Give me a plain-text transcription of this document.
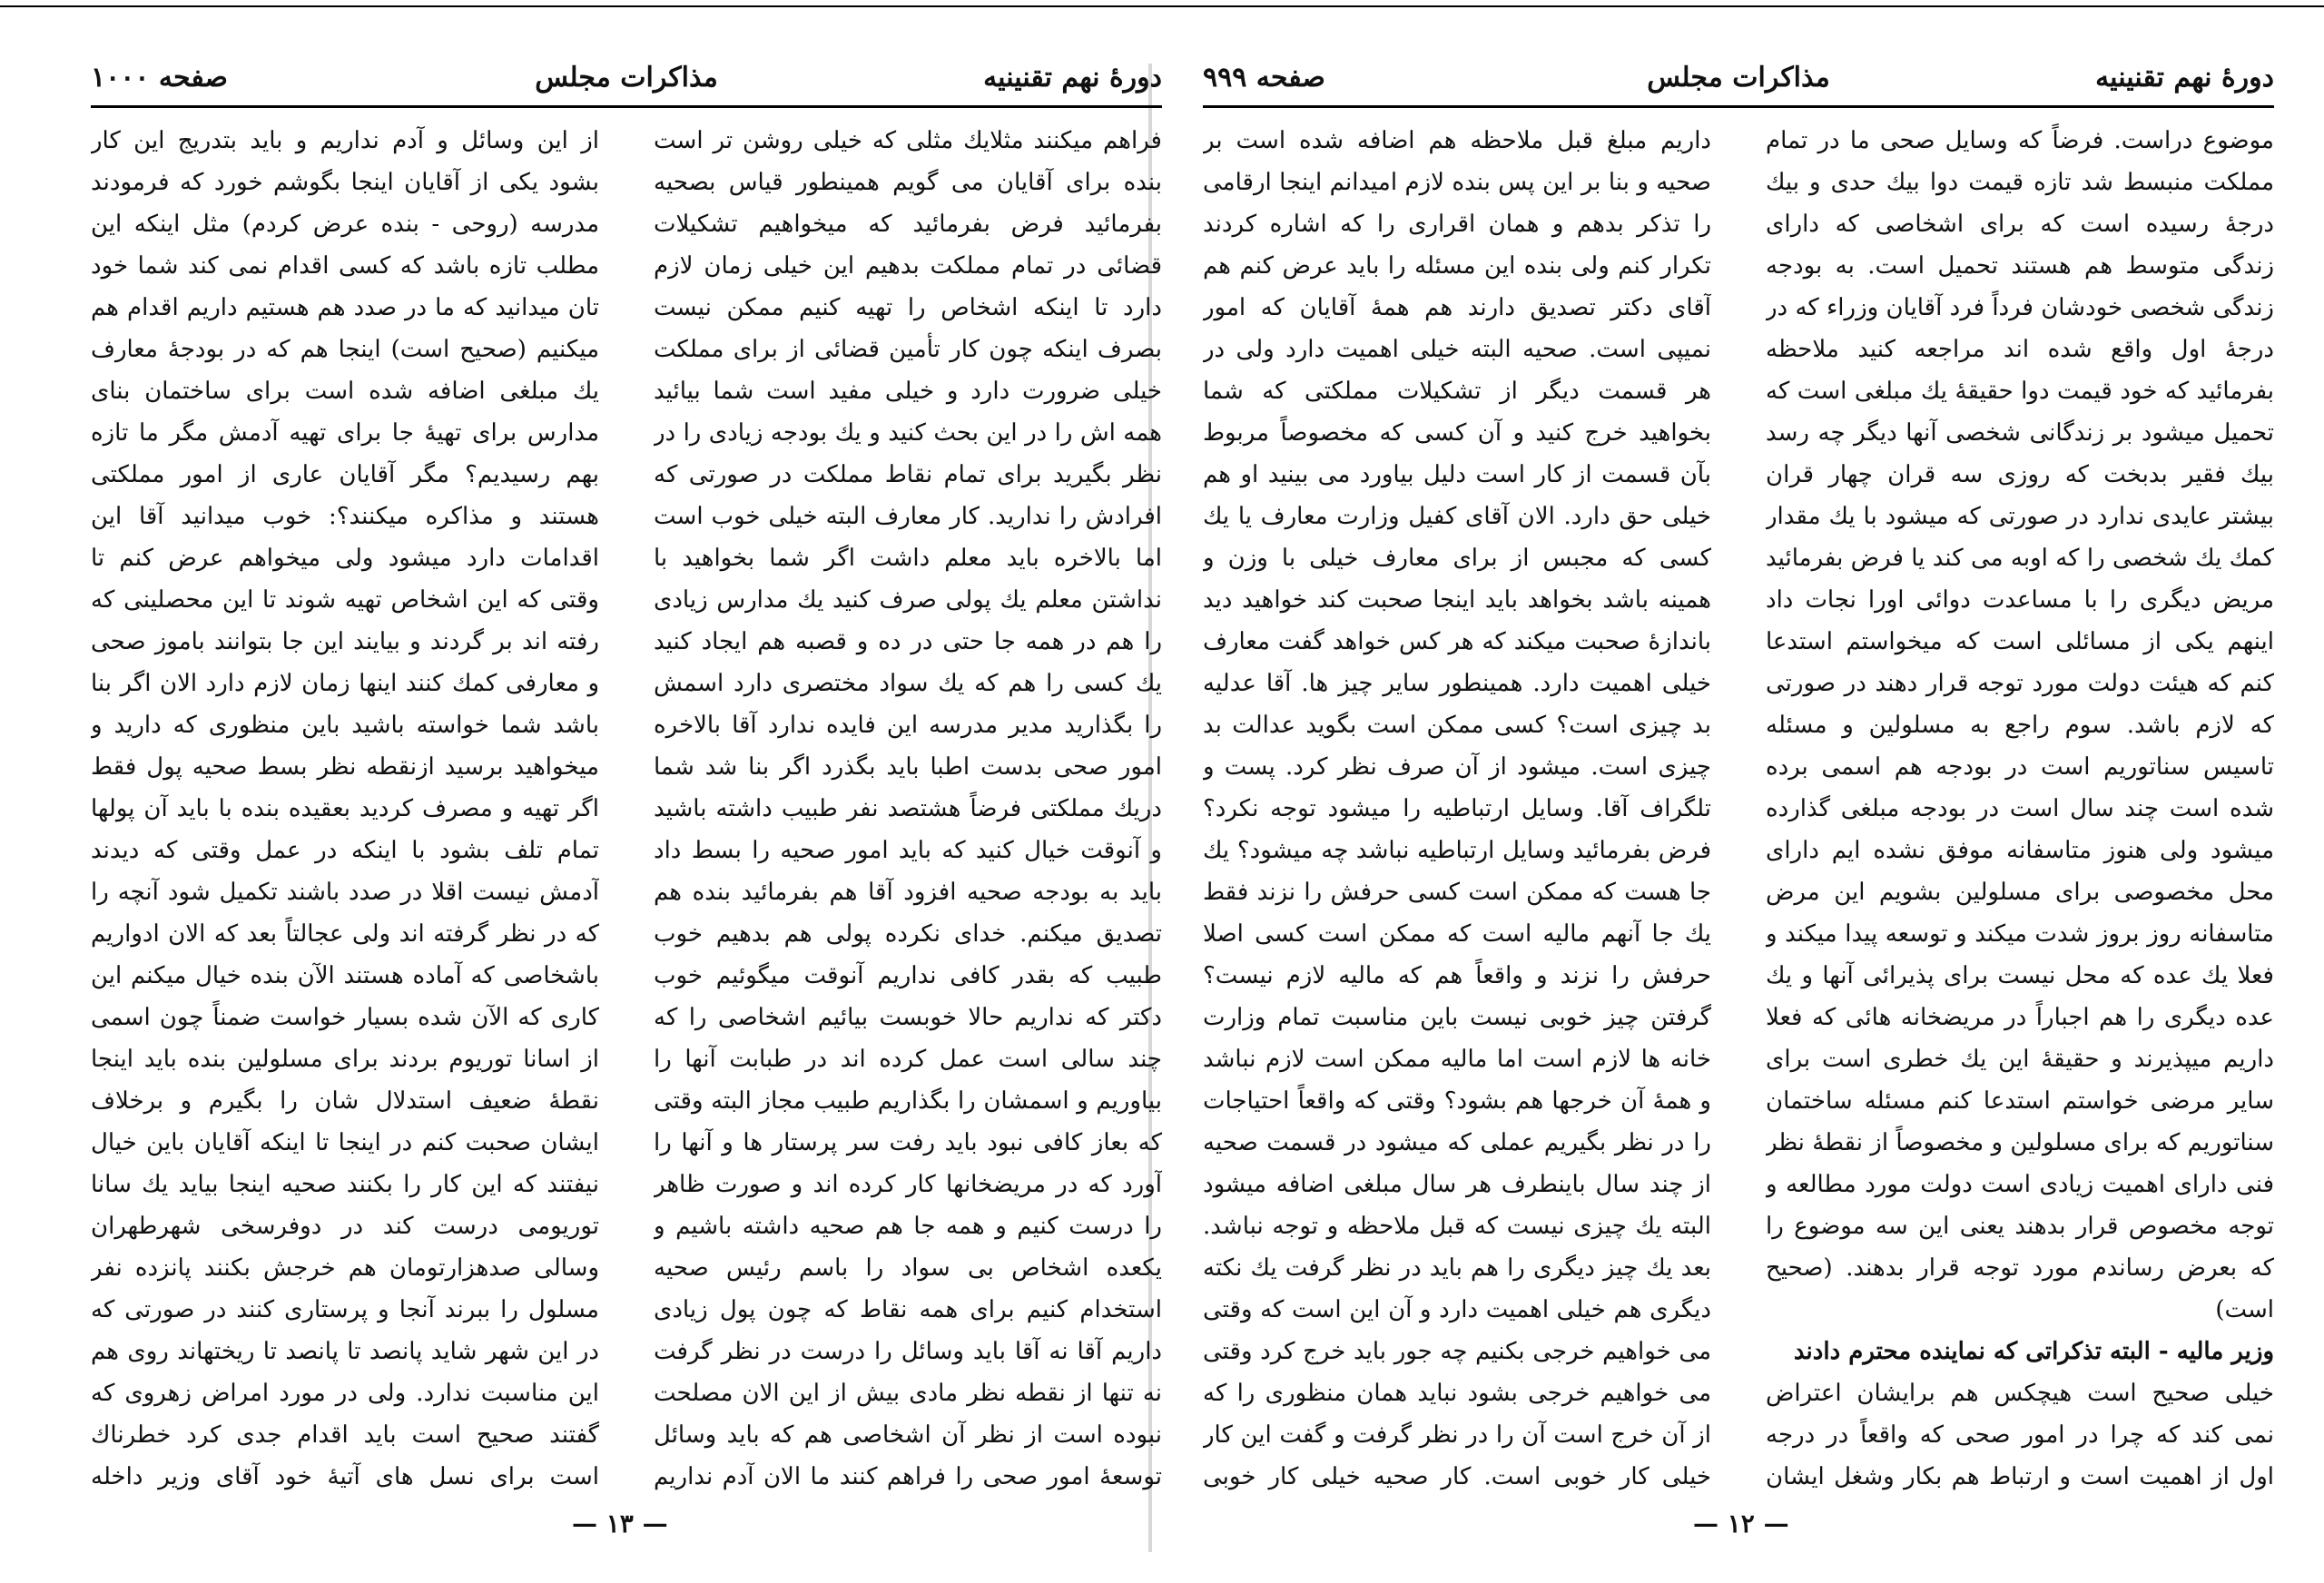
دورهٔ نهم تقنینیه
مذاکرات مجلس
صفحه ۱۰۰۰
فراهم میکنند مثلایك مثلی كه خیلی روشن تر است بنده برای آقایان می گویم همینطور قیاس بصحیه بفرمائید فرض بفرمائید که میخواهیم تشکیلات قضائی در تمام مملکت بدهیم این خیلی زمان لازم دارد تا اینکه اشخاص را تهیه کنیم ممکن نیست بصرف اینکه چون کار تأمین قضائی از برای مملکت خیلی ضرورت دارد و خیلی مفید است شما بیائید همه اش را در این بحث کنید و یك بودجه زیادی را در نظر بگیرید برای تمام نقاط مملکت در صورتی که افرادش را ندارید. کار معارف البته خیلی خوب است اما بالاخره باید معلم داشت اگر شما بخواهید با نداشتن معلم یك پولی صرف کنید یك مدارس زیادی را هم در همه جا حتی در ده و قصبه هم ایجاد کنید یك کسی را هم که یك سواد مختصری دارد اسمش را بگذارید مدیر مدرسه این فایده ندارد آقا بالاخره امور صحی بدست اطبا باید بگذرد اگر بنا شد شما دریك مملکتی فرضاً هشتصد نفر طبیب داشته باشید و آنوقت خیال کنید که باید امور صحیه را بسط داد باید به بودجه صحیه افزود آقا هم بفرمائید بنده هم تصدیق میکنم. خدای نکرده پولی هم بدهیم خوب طبیب که بقدر کافی نداریم آنوقت میگوئیم خوب دکتر که نداریم حالا خوبست بیائیم اشخاصی را که چند سالی است عمل کرده اند در طبابت آنها را بیاوریم و اسمشان را بگذاریم طبیب مجاز البته وقتی که بعاز کافی نبود باید رفت سر پرستار ها و آنها را آورد که در مریضخانها کار کرده اند و صورت ظاهر را درست کنیم و همه جا هم صحیه داشته باشیم و یکعده اشخاص بی سواد را باسم رئیس صحیه استخدام کنیم برای همه نقاط که چون پول زیادی داریم آقا نه آقا باید وسائل را درست در نظر گرفت نه تنها از نقطه نظر مادی بیش از این الان مصلحت نبوده است از نظر آن اشخاصی هم که باید وسائل توسعهٔ امور صحی را فراهم کنند ما الان آدم نداریم
از این وسائل و آدم نداریم و باید بتدریج این کار بشود یکی از آقایان اینجا بگوشم خورد که فرمودند مدرسه (روحی - بنده عرض کردم) مثل اینکه این مطلب تازه باشد که کسی اقدام نمی کند شما خود تان میدانید که ما در صدد هم هستیم داریم اقدام هم میکنیم (صحیح است) اینجا هم که در بودجهٔ معارف یك مبلغی اضافه شده است برای ساختمان بنای مدارس برای تهیهٔ جا برای تهیه آدمش مگر ما تازه بهم رسیدیم؟ مگر آقایان عاری از امور مملکتی هستند و مذاکره میکنند؟: خوب میدانید آقا این اقدامات دارد میشود ولی میخواهم عرض کنم تا وقتی که این اشخاص تهیه شوند تا این محصلینی که رفته اند بر گردند و بیایند این جا بتوانند باموز صحی و معارفی كمك كنند اینها زمان لازم دارد الان اگر بنا باشد شما خواسته باشید باین منظوری که دارید و میخواهید برسید ازنقطه نظر بسط صحیه پول فقط اگر تهیه و مصرف کردید بعقیده بنده با باید آن پولها تمام تلف بشود با اینکه در عمل وقتی که دیدند آدمش نیست اقلا در صدد باشند تکمیل شود آنچه را که در نظر گرفته اند ولی عجالتاً بعد که الان ادواریم باشخاصی که آماده هستند الآن بنده خیال میکنم این کاری که الآن شده بسیار خواست ضمناً چون اسمی از اسانا توریوم بردند برای مسلولین بنده باید اینجا نقطهٔ ضعیف استدلال شان را بگیرم و برخلاف ایشان صحبت کنم در اینجا تا اینکه آقایان باین خیال نیفتند که این کار را بکنند صحیه اینجا بیاید یك سانا توریومی درست کند در دوفرسخی شهرطهران وسالی صدهزارتومان هم خرجش بکنند پانزده نفر مسلول را ببرند آنجا و پرستاری کنند در صورتی که در این شهر شاید پانصد تا پانصد تا ریختهاند روی هم این مناسبت ندارد. ولی در مورد امراض زهروی که گفتند صحیح است باید اقدام جدی کرد خطرناك است برای نسل های آتیهٔ خود آقای وزیر داخله
— ۱۳ —
دورهٔ نهم تقنینیه
مذاکرات مجلس
صفحه ۹۹۹
موضوع دراست. فرضاً که وسایل صحی ما در تمام مملکت منبسط شد تازه قیمت دوا بیك حدی و بیك درجهٔ رسیده است که برای اشخاصی که دارای زندگی متوسط هم هستند تحمیل است. به بودجه زندگی شخصی خودشان فرداً فرد آقایان وزراء که در درجهٔ اول واقع شده اند مراجعه کنید ملاحظه بفرمائید که خود قیمت دوا حقیقهٔ یك مبلغی است که تحمیل میشود بر زندگانی شخصی آنها دیگر چه رسد بیك فقیر بدبخت که روزی سه قران چهار قران بیشتر عایدی ندارد در صورتی که میشود با یك مقدار کمك یك شخصی را که اوبه می کند یا فرض بفرمائید مریض دیگری را با مساعدت دوائی اورا نجات داد اینهم یکی از مسائلی است که میخواستم استدعا کنم که هیئت دولت مورد توجه قرار دهند در صورتی که لازم باشد. سوم راجع به مسلولین و مسئله تاسیس سناتوریم است در بودجه هم اسمی برده شده است چند سال است در بودجه مبلغی گذارده میشود ولی هنوز متاسفانه موفق نشده ایم دارای محل مخصوصی برای مسلولین بشویم این مرض متاسفانه روز بروز شدت میکند و توسعه پیدا میکند و فعلا یك عده که محل نیست برای پذیرائی آنها و یك عده دیگری را هم اجباراً در مریضخانه هائی که فعلا داریم میپذیرند و حقیقهٔ این یك خطری است برای سایر مرضی خواستم استدعا کنم مسئله ساختمان سناتوریم که برای مسلولین و مخصوصاً از نقطهٔ نظر فنی دارای اهمیت زیادی است دولت مورد مطالعه و توجه مخصوص قرار بدهند یعنی این سه موضوع را که بعرض رساندم مورد توجه قرار بدهند. (صحیح است)
وزیر مالیه - البته تذکراتی که نماینده محترم دادند
خیلی صحیح است هیچکس هم برایشان اعتراض نمی کند که چرا در امور صحی که واقعاً در درجه اول از اهمیت است و ارتباط هم بکار وشغل ایشان
داریم مبلغ قبل ملاحظه هم اضافه شده است بر صحیه و بنا بر این پس بنده لازم امیدانم اینجا ارقامی را تذکر بدهم و همان اقراری را که اشاره کردند تکرار کنم ولی بنده این مسئله را باید عرض کنم هم آقای دکتر تصدیق دارند هم همهٔ آقایان که امور نمیپی است. صحیه البته خیلی اهمیت دارد ولی در هر قسمت دیگر از تشکیلات مملکتی که شما بخواهید خرج کنید و آن کسی که مخصوصاً مربوط بآن قسمت از کار است دلیل بیاورد می بینید او هم خیلی حق دارد. الان آقای کفیل وزارت معارف یا یك کسی که مجبس از برای معارف خیلی با وزن و همینه باشد بخواهد باید اینجا صحبت کند خواهید دید باندازهٔ صحبت میکند که هر کس خواهد گفت معارف خیلی اهمیت دارد. همینطور سایر چیز ها. آقا عدلیه بد چیزی است؟ کسی ممکن است بگوید عدالت بد چیزی است. میشود از آن صرف نظر کرد. پست و تلگراف آقا. وسایل ارتباطیه را میشود توجه نکرد؟ فرض بفرمائید وسایل ارتباطیه نباشد چه میشود؟ یك جا هست که ممکن است کسی حرفش را نزند فقط یك جا آنهم مالیه است که ممکن است کسی اصلا حرفش را نزند و واقعاً هم که مالیه لازم نیست؟ گرفتن چیز خوبی نیست باین مناسبت تمام وزارت خانه ها لازم است اما مالیه ممکن است لازم نباشد و همهٔ آن خرجها هم بشود؟ وقتی که واقعاً احتیاجات را در نظر بگیریم عملی که میشود در قسمت صحیه از چند سال باینطرف هر سال مبلغی اضافه میشود البته یك چیزی نیست که قبل ملاحظه و توجه نباشد. بعد یك چیز دیگری را هم باید در نظر گرفت یك نکته دیگری هم خیلی اهمیت دارد و آن این است که وقتی می خواهیم خرجی بکنیم چه جور باید خرج کرد وقتی می خواهیم خرجی بشود نباید همان منظوری را که از آن خرج است آن را در نظر گرفت و گفت این کار خیلی کار خوبی است. کار صحیه خیلی کار خوبی
— ۱۲ —
